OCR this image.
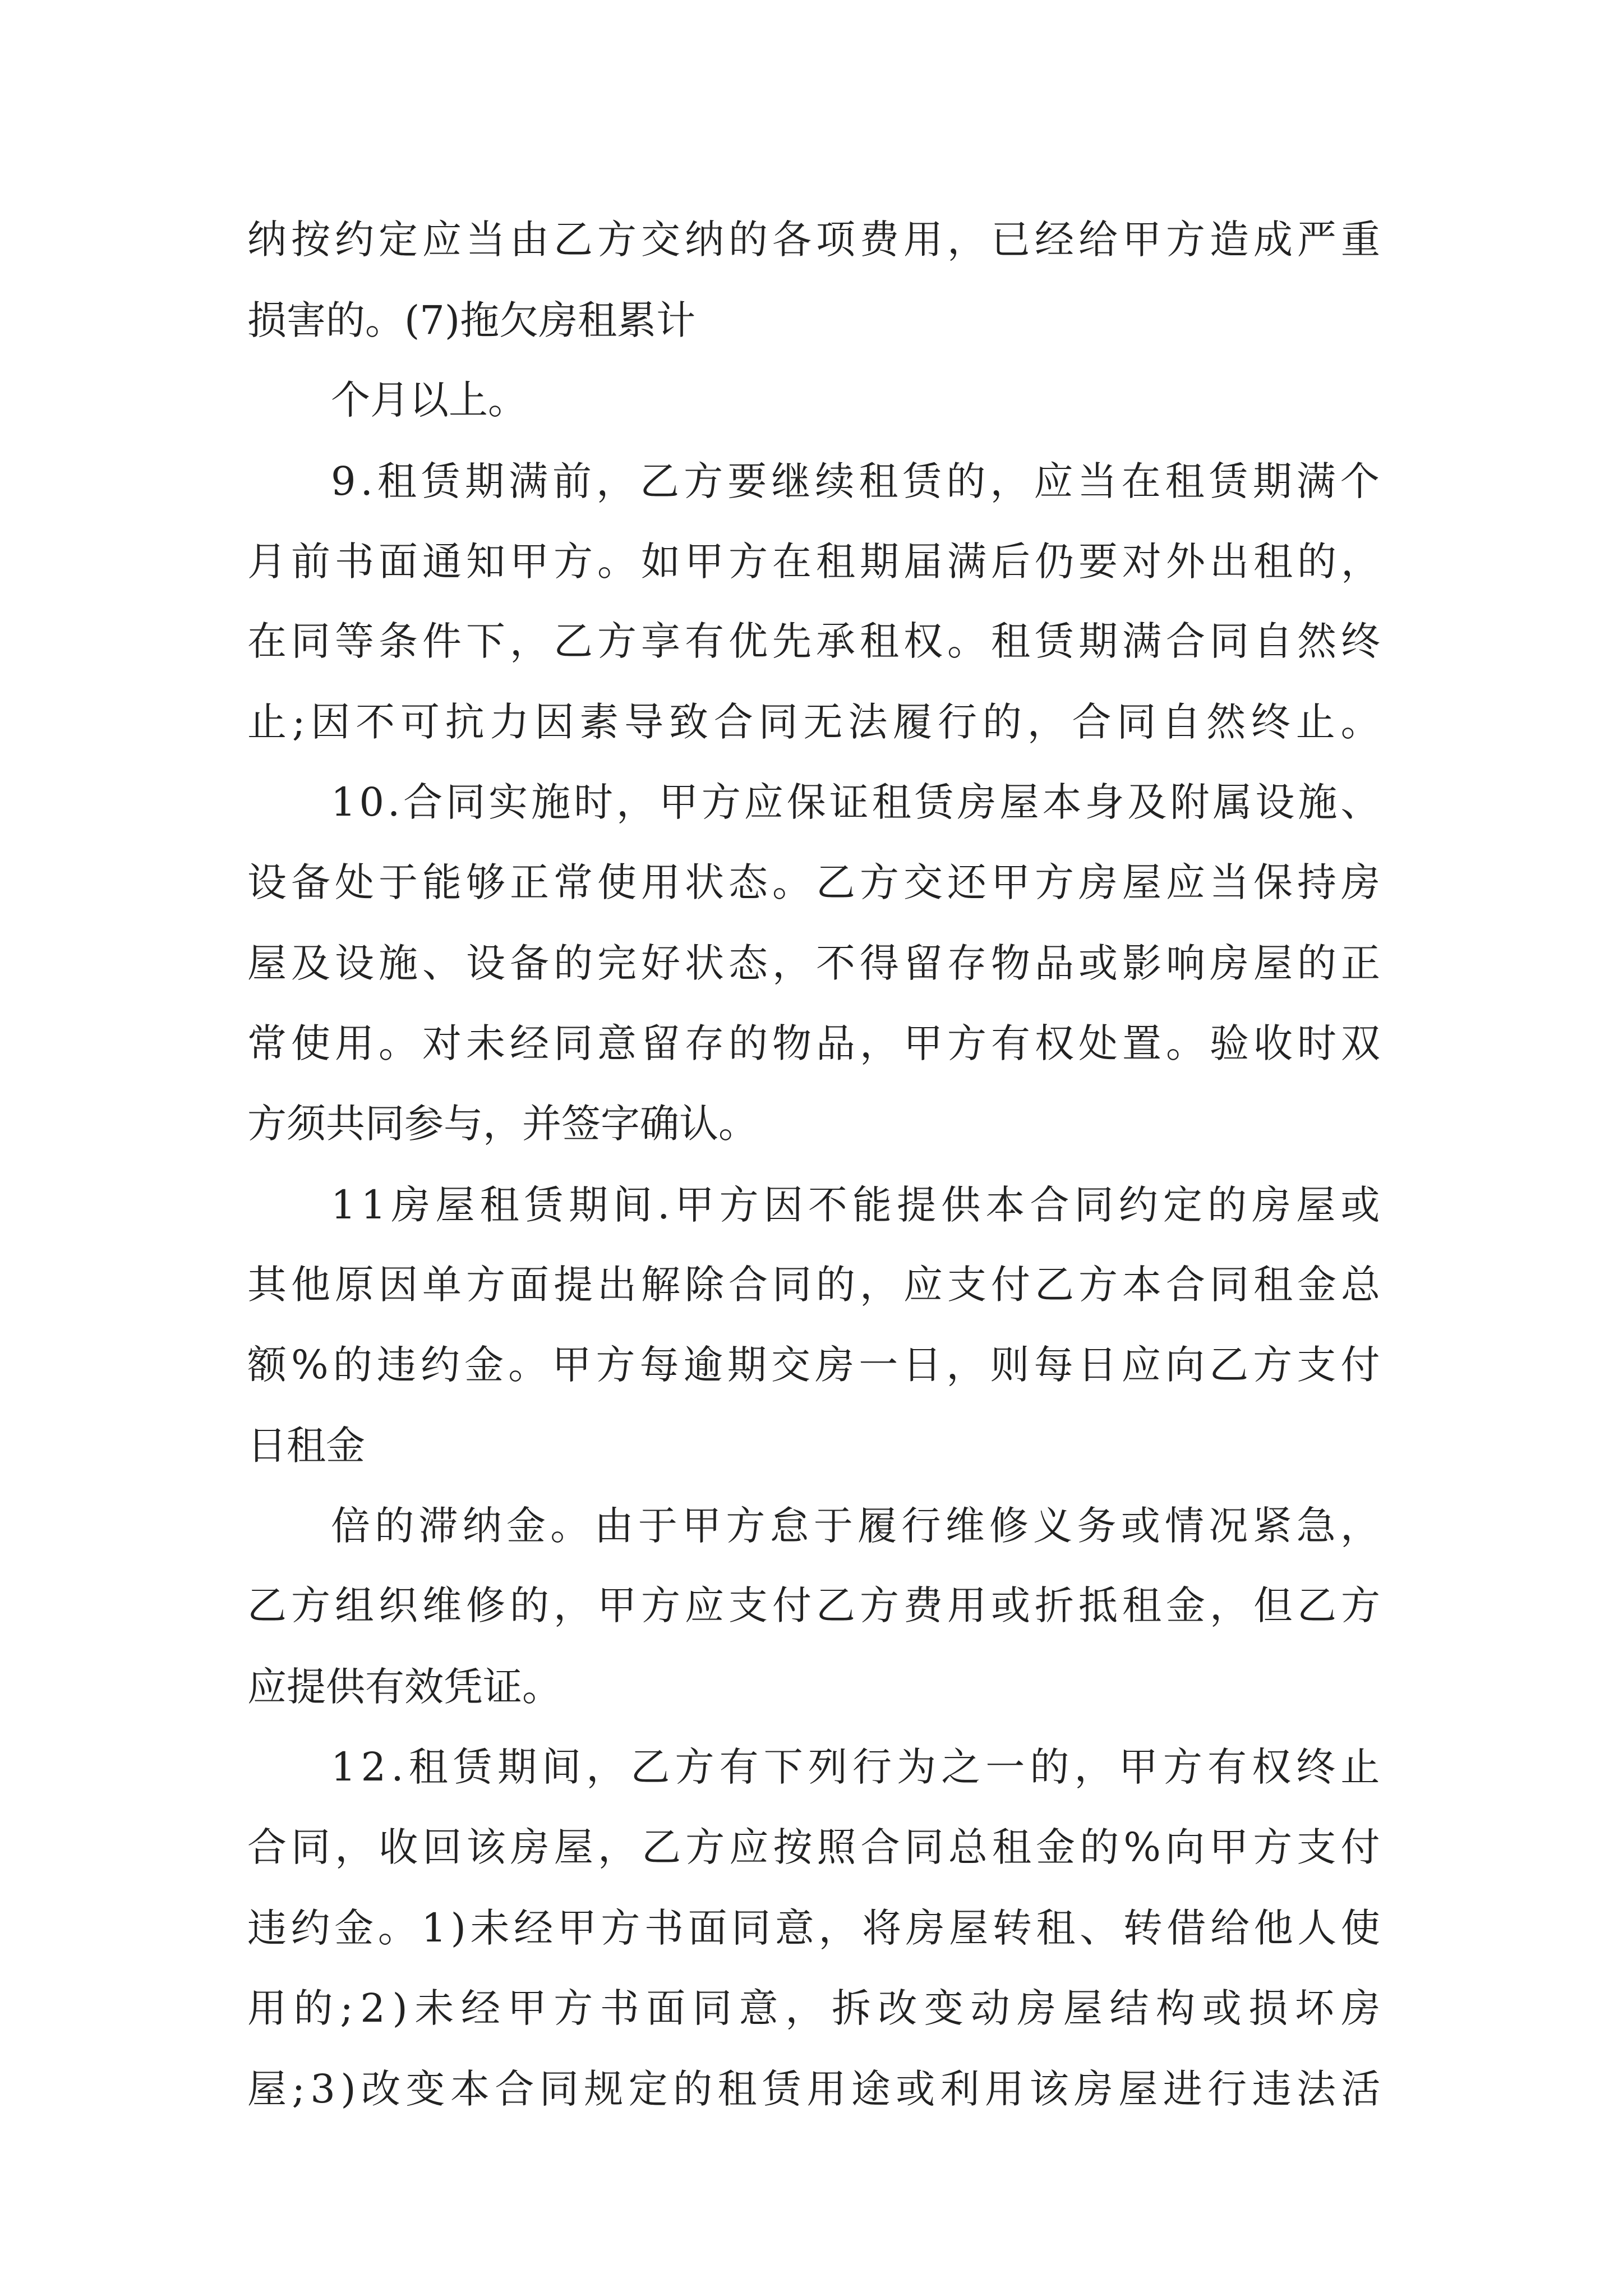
纳按约定应当由乙方交纳的各项费用，已经给甲方造成严重
损害的。(7)拖欠房租累计
个月以上。
9.租赁期满前，乙方要继续租赁的，应当在租赁期满个
月前书面通知甲方。如甲方在租期届满后仍要对外出租的，
在同等条件下，乙方享有优先承租权。租赁期满合同自然终
止;因不可抗力因素导致合同无法履行的，合同自然终止。
10.合同实施时，甲方应保证租赁房屋本身及附属设施、
设备处于能够正常使用状态。乙方交还甲方房屋应当保持房
屋及设施、设备的完好状态，不得留存物品或影响房屋的正
常使用。对未经同意留存的物品，甲方有权处置。验收时双
方须共同参与，并签字确认。
11房屋租赁期间.甲方因不能提供本合同约定的房屋或
其他原因单方面提出解除合同的，应支付乙方本合同租金总
额%的违约金。甲方每逾期交房一日，则每日应向乙方支付
日租金
倍的滞纳金。由于甲方怠于履行维修义务或情况紧急，
乙方组织维修的，甲方应支付乙方费用或折抵租金，但乙方
应提供有效凭证。
12.租赁期间，乙方有下列行为之一的，甲方有权终止
合同，收回该房屋，乙方应按照合同总租金的%向甲方支付
违约金。1)未经甲方书面同意，将房屋转租、转借给他人使
用的;2)未经甲方书面同意，拆改变动房屋结构或损坏房
屋;3)改变本合同规定的租赁用途或利用该房屋进行违法活
